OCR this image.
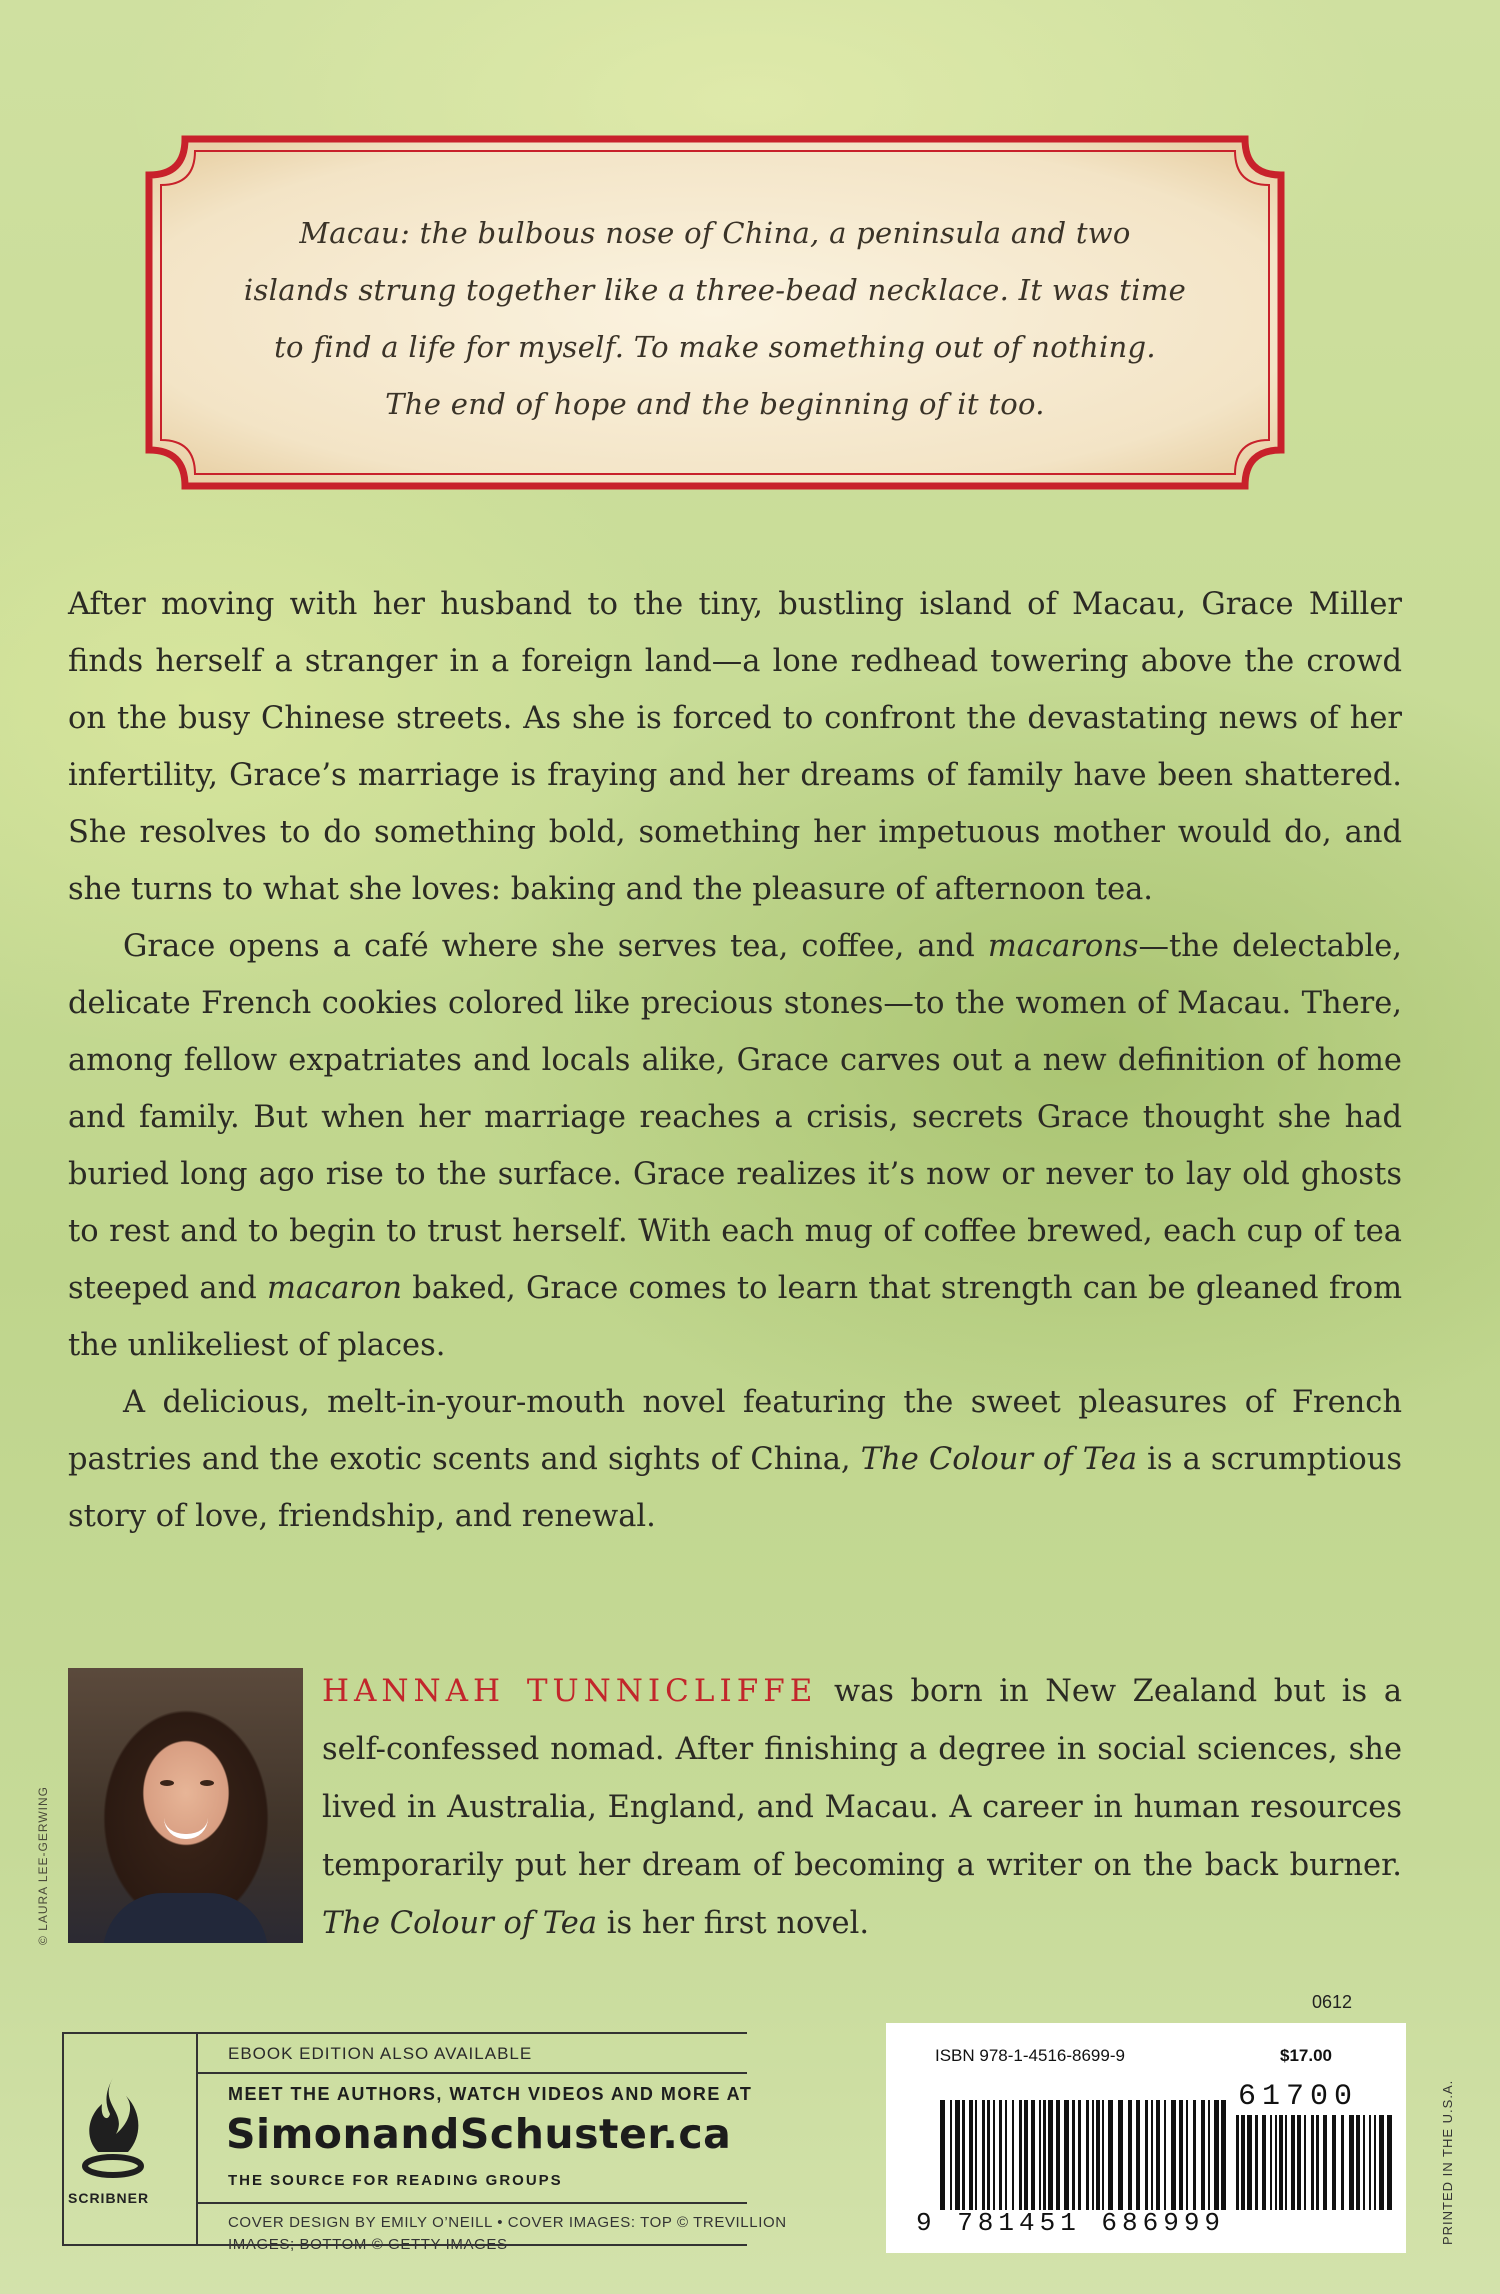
Macau: the bulbous nose of China, a peninsula and two
islands strung together like a three-bead necklace. It was time
to find a life for myself. To make something out of nothing.
The end of hope and the beginning of it too.

After moving with her husband to the tiny, bustling island of Macau, Grace Miller finds herself a stranger in a foreign land—a lone redhead towering above the crowd on the busy Chinese streets. As she is forced to confront the devastating news of her infertility, Grace’s marriage is fraying and her dreams of family have been shattered. She resolves to do something bold, something her impetuous mother would do, and she turns to what she loves: baking and the pleasure of afternoon tea.

Grace opens a café where she serves tea, coffee, and macarons—the delectable, delicate French cookies colored like precious stones—to the women of Macau. There, among fellow expatriates and locals alike, Grace carves out a new definition of home and family. But when her marriage reaches a crisis, secrets Grace thought she had buried long ago rise to the surface. Grace realizes it’s now or never to lay old ghosts to rest and to begin to trust herself. With each mug of coffee brewed, each cup of tea steeped and macaron baked, Grace comes to learn that strength can be gleaned from the unlikeliest of places.

A delicious, melt-in-your-mouth novel featuring the sweet pleasures of French pastries and the exotic scents and sights of China, The Colour of Tea is a scrumptious story of love, friendship, and renewal.

© LAURA LEE-GERWING
HANNAH TUNNICLIFFE was born in New Zealand but is a self-confessed nomad. After finishing a degree in social sciences, she lived in Australia, England, and Macau. A career in human resources temporarily put her dream of becoming a writer on the back burner. The Colour of Tea is her first novel.
0612
SCRIBNER
EBOOK EDITION ALSO AVAILABLE
MEET THE AUTHORS, WATCH VIDEOS AND MORE AT
SimonandSchuster.ca
THE SOURCE FOR READING GROUPS
COVER DESIGN BY EMILY O’NEILL • COVER IMAGES: TOP © TREVILLION
IMAGES; BOTTOM © GETTY IMAGES
ISBN 978-1-4516-8699-9	$17.00
61700
9 781451 686999	PRINTED IN THE U.S.A.
